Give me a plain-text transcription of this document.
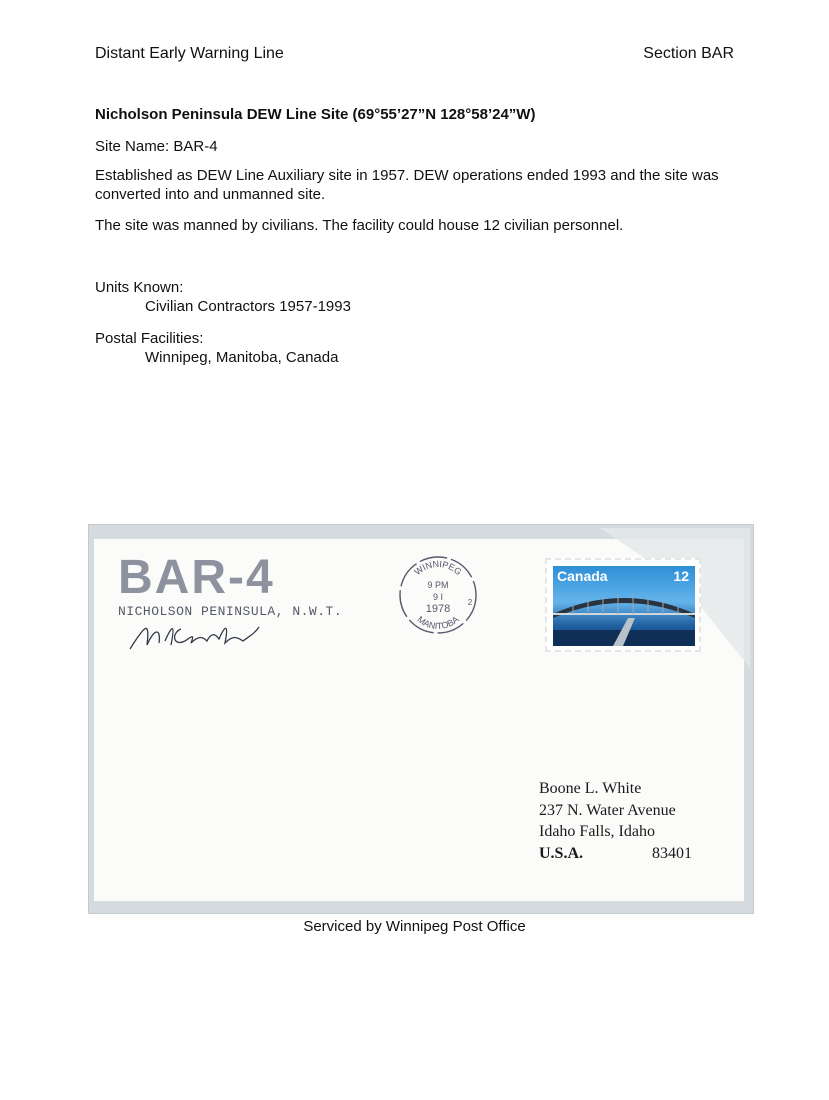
Distant Early Warning Line	Section BAR
Nicholson Peninsula DEW Line Site (69°55’27”N 128°58’24”W)
Site Name: BAR-4
Established as DEW Line Auxiliary site in 1957. DEW operations ended 1993 and the site was converted into and unmanned site.
The site was manned by civilians. The facility could house 12 civilian personnel.
Units Known:
Civilian Contractors 1957-1993
Postal Facilities:
Winnipeg, Manitoba, Canada
BAR-4
NICHOLSON PENINSULA, N.W.T.
WINNIPEG
MANITOBA
9 PM
9 I
1978
2
Canada	12
Boone L. White
237 N. Water Avenue
Idaho Falls, Idaho
U.S.A.	83401
Serviced by Winnipeg Post Office
